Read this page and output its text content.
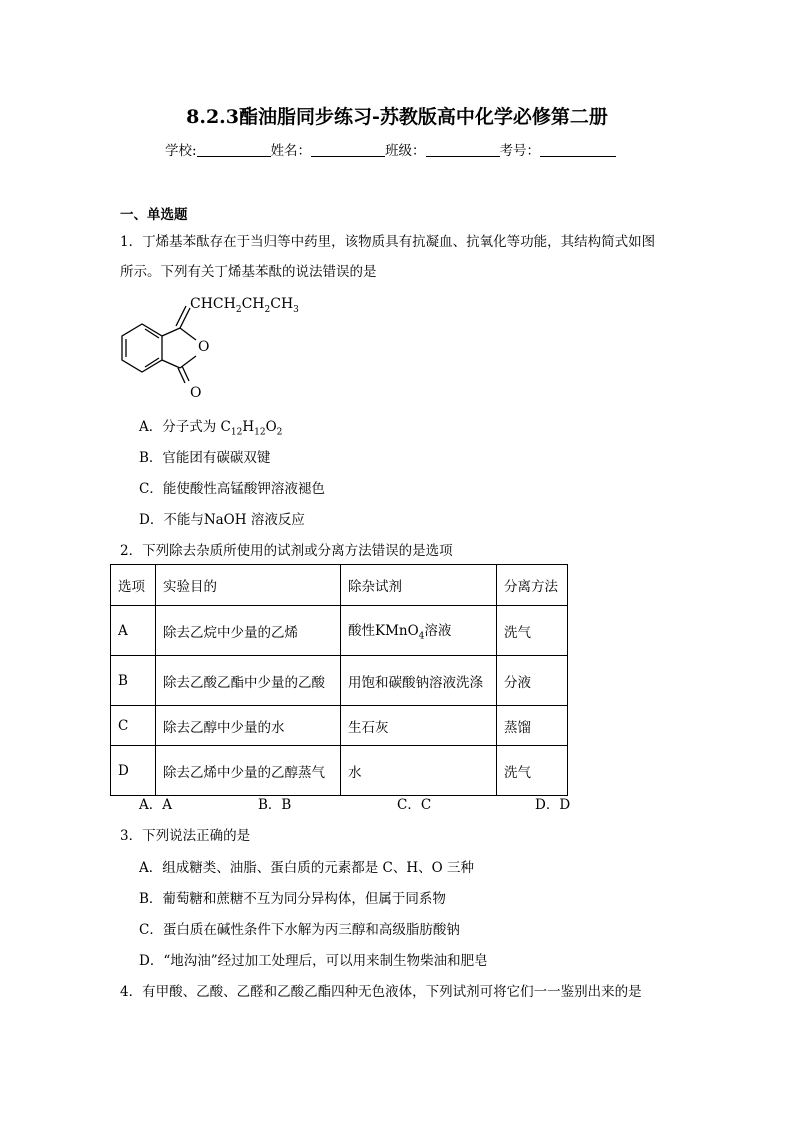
8.2.3酯油脂同步练习-苏教版高中化学必修第二册
学校:	姓名：	班级：	考号：
一、单选题
1．丁烯基苯酞存在于当归等中药里，该物质具有抗凝血、抗氧化等功能，其结构简式如图
所示。下列有关丁烯基苯酞的说法错误的是
O
O
$CHCH_2CH_2CH_3$
A．分子式为 $C_{12}H_{12}O_2$
B．官能团有碳碳双键
C．能使酸性高锰酸钾溶液褪色
D．不能与NaOH 溶液反应
2．下列除去杂质所使用的试剂或分离方法错误的是选项
选项	实验目的	除杂试剂	分离方法
A	除去乙烷中少量的乙烯	酸性KMnO$_4$溶液	洗气
B	除去乙酸乙酯中少量的乙酸	用饱和碳酸钠溶液洗涤	分液
C	除去乙醇中少量的水	生石灰	蒸馏
D	除去乙烯中少量的乙醇蒸气	水	洗气
A．A	B．B	C．C	D．D
3．下列说法正确的是
A．组成糖类、油脂、蛋白质的元素都是 C、H、O 三种
B．葡萄糖和蔗糖不互为同分异构体，但属于同系物
C．蛋白质在碱性条件下水解为丙三醇和高级脂肪酸钠
D．“地沟油”经过加工处理后，可以用来制生物柴油和肥皂
4．有甲酸、乙酸、乙醛和乙酸乙酯四种无色液体，下列试剂可将它们一一鉴别出来的是
